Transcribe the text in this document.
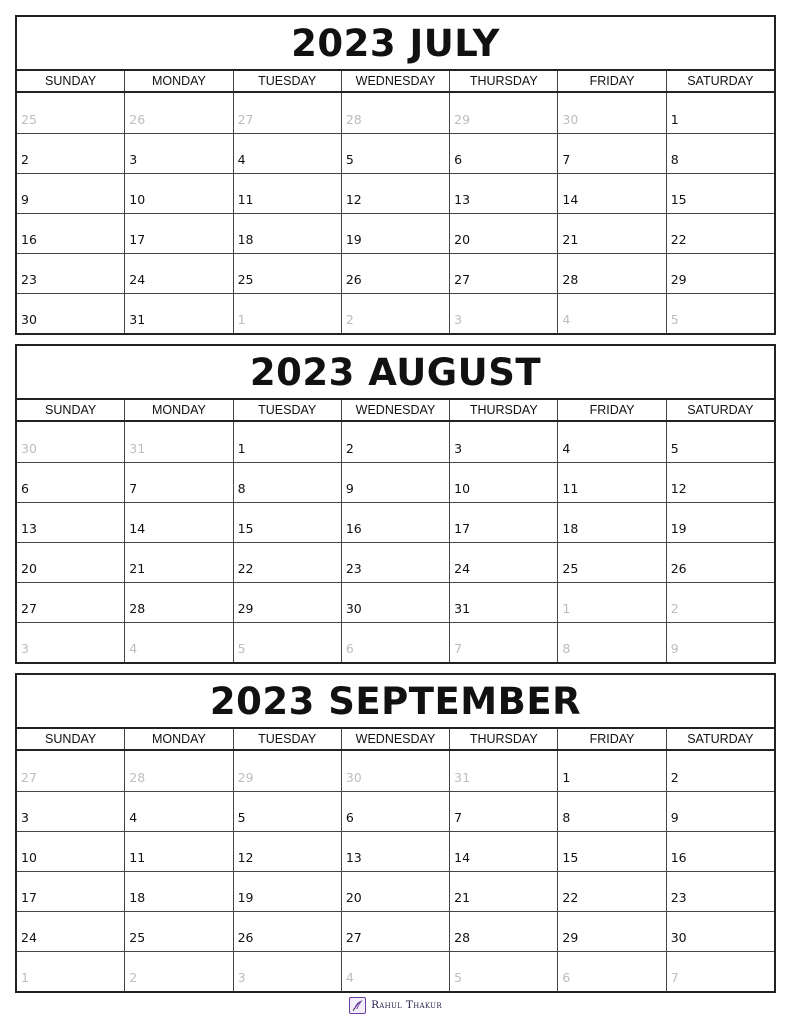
2023 JULY
SUNDAY	MONDAY	TUESDAY	WEDNESDAY	THURSDAY	FRIDAY	SATURDAY
25	26	27	28	29	30	1
2	3	4	5	6	7	8
9	10	11	12	13	14	15
16	17	18	19	20	21	22
23	24	25	26	27	28	29
30	31	1	2	3	4	5
2023 AUGUST
SUNDAY	MONDAY	TUESDAY	WEDNESDAY	THURSDAY	FRIDAY	SATURDAY
30	31	1	2	3	4	5
6	7	8	9	10	11	12
13	14	15	16	17	18	19
20	21	22	23	24	25	26
27	28	29	30	31	1	2
3	4	5	6	7	8	9
2023 SEPTEMBER
SUNDAY	MONDAY	TUESDAY	WEDNESDAY	THURSDAY	FRIDAY	SATURDAY
27	28	29	30	31	1	2
3	4	5	6	7	8	9
10	11	12	13	14	15	16
17	18	19	20	21	22	23
24	25	26	27	28	29	30
1	2	3	4	5	6	7
Rahul Thakur
